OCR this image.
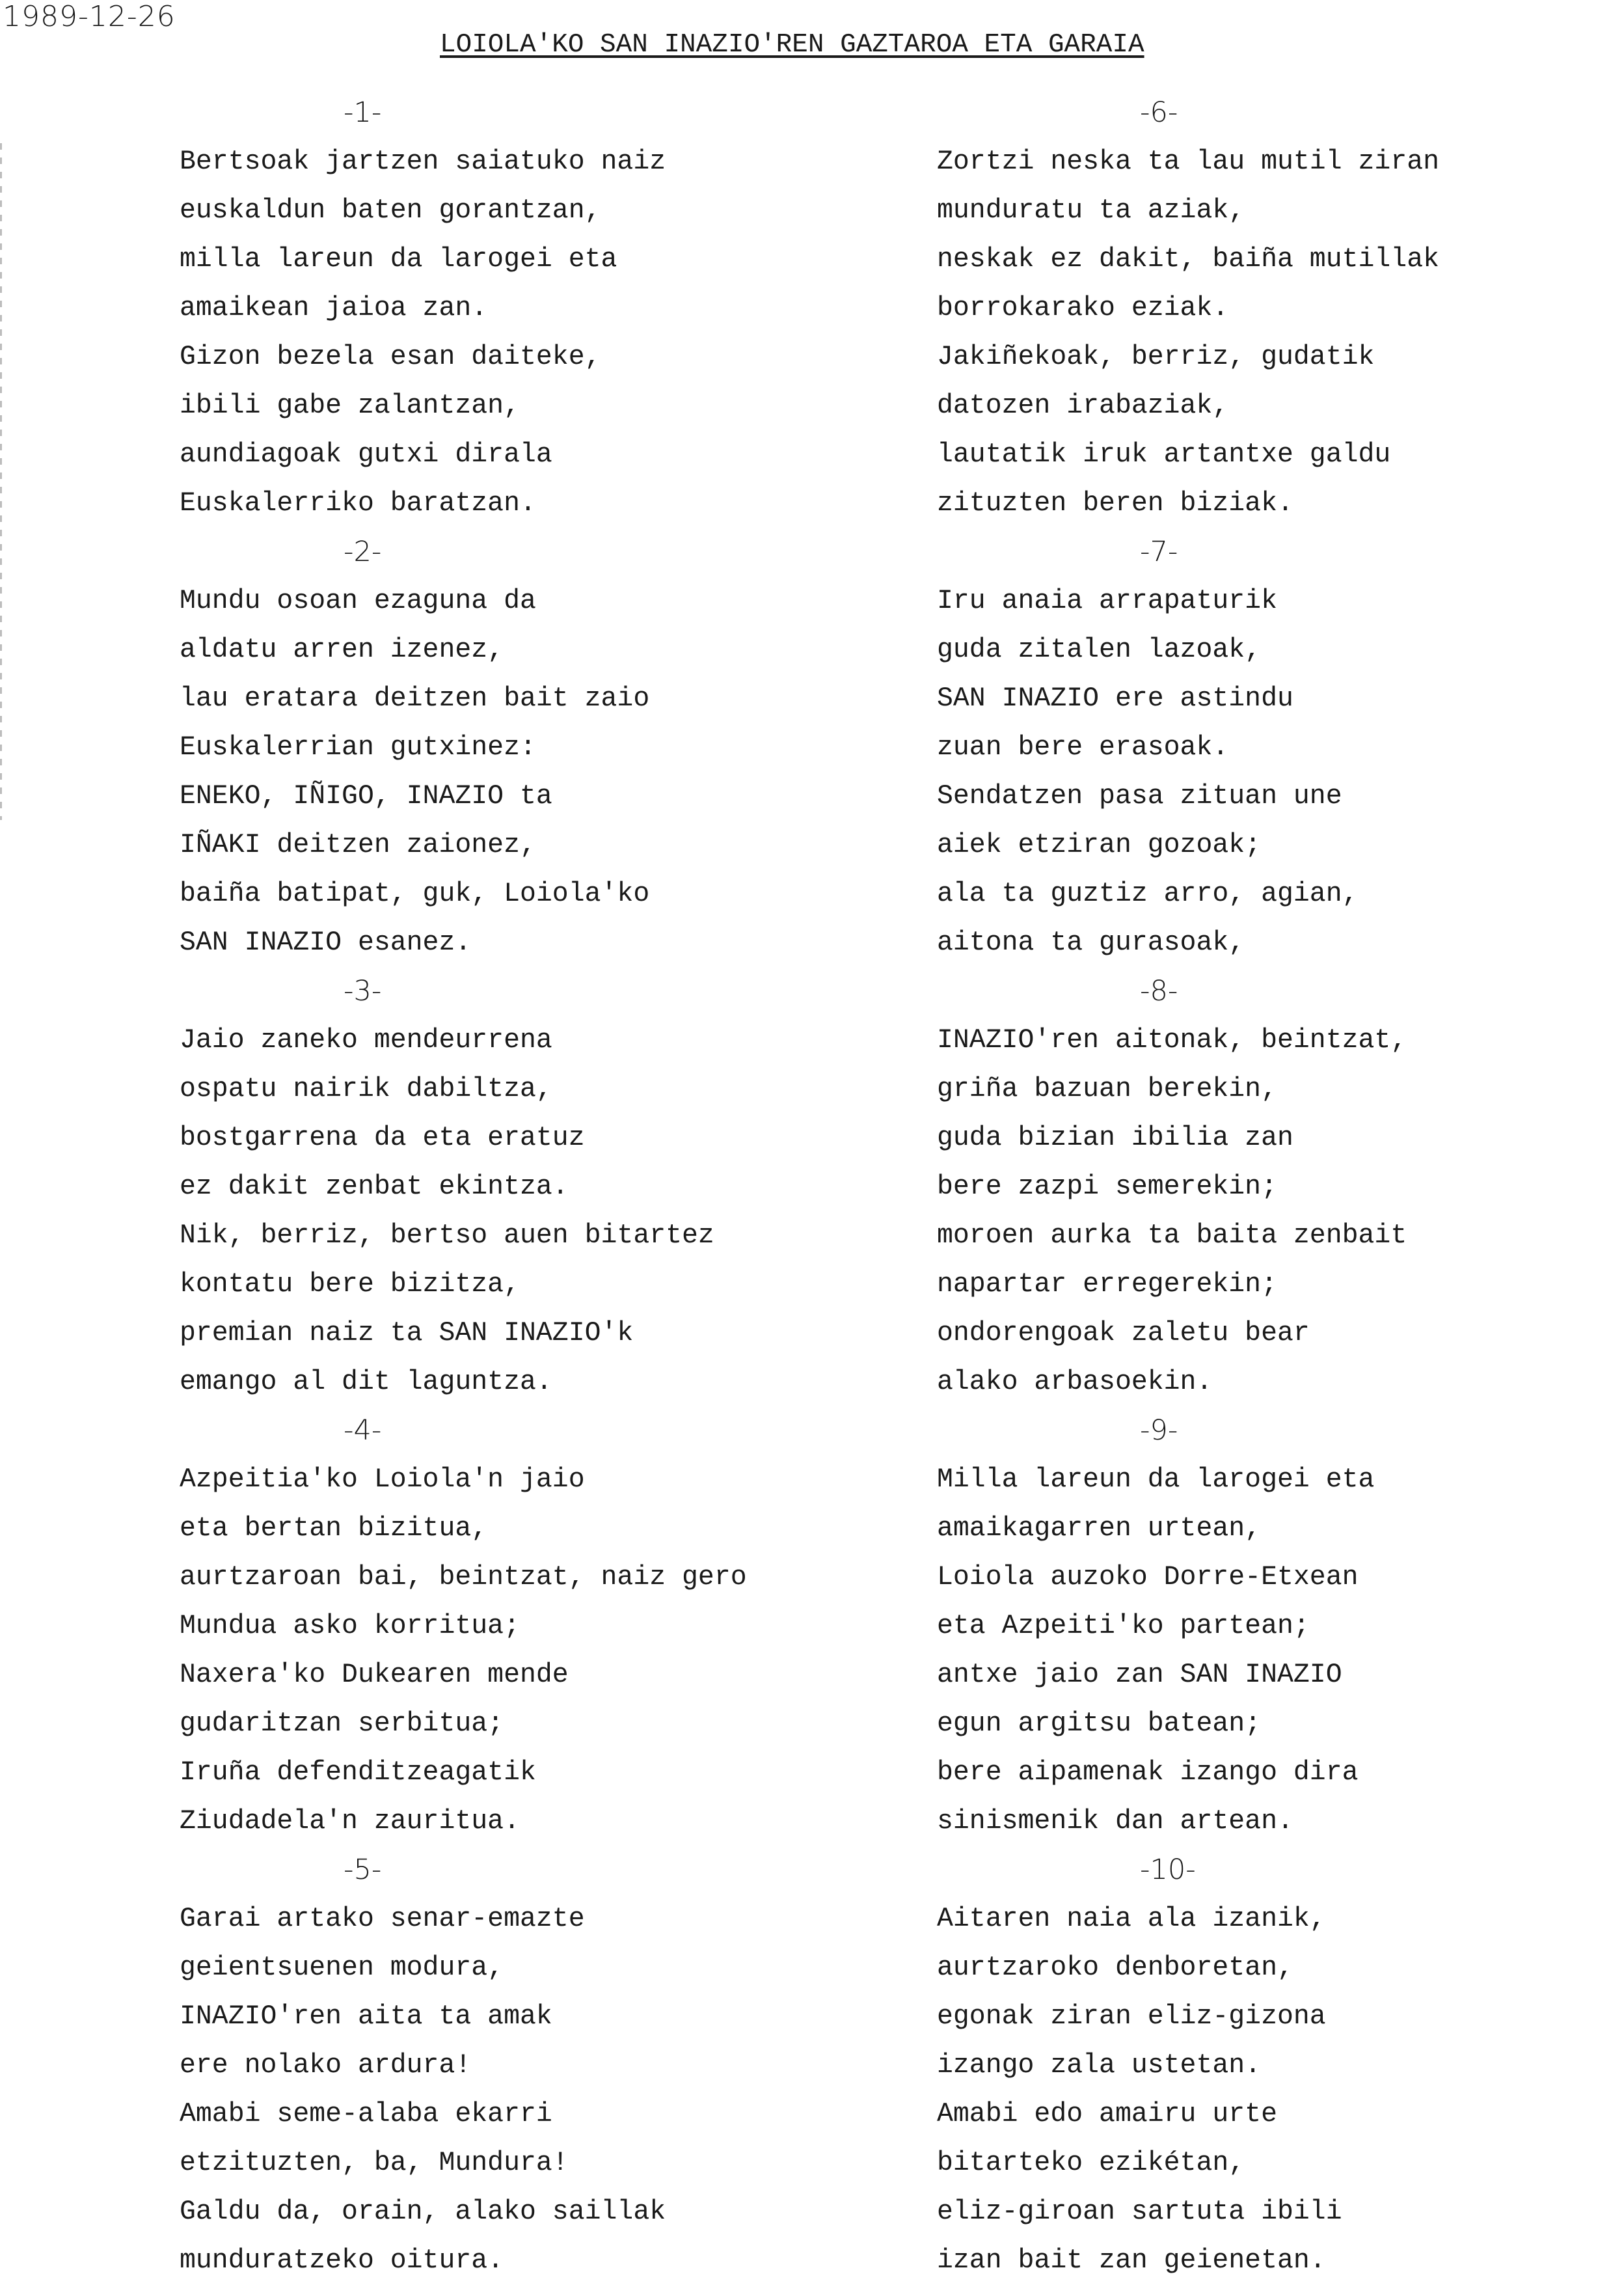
1989-12-26
LOIOLA'KO SAN INAZIO'REN GAZTAROA ETA GARAIA
-1-
Bertsoak jartzen saiatuko naiz
euskaldun baten gorantzan,
milla lareun da larogei eta
amaikean jaioa zan.
Gizon bezela esan daiteke,
ibili gabe zalantzan,
aundiagoak gutxi dirala
Euskalerriko baratzan.
-2-
Mundu osoan ezaguna da
aldatu arren izenez,
lau eratara deitzen bait zaio
Euskalerrian gutxinez:
ENEKO, IÑIGO, INAZIO ta
IÑAKI deitzen zaionez,
baiña batipat, guk, Loiola'ko
SAN INAZIO esanez.
-3-
Jaio zaneko mendeurrena
ospatu nairik dabiltza,
bostgarrena da eta eratuz
ez dakit zenbat ekintza.
Nik, berriz, bertso auen bitartez
kontatu bere bizitza,
premian naiz ta SAN INAZIO'k
emango al dit laguntza.
-4-
Azpeitia'ko Loiola'n jaio
eta bertan bizitua,
aurtzaroan bai, beintzat, naiz gero
Mundua asko korritua;
Naxera'ko Dukearen mende
gudaritzan serbitua;
Iruña defenditzeagatik
Ziudadela'n zauritua.
-5-
Garai artako senar-emazte
geientsuenen modura,
INAZIO'ren aita ta amak
ere nolako ardura!
Amabi seme-alaba ekarri
etzituzten, ba, Mundura!
Galdu da, orain, alako saillak
munduratzeko oitura.
-6-
Zortzi neska ta lau mutil ziran
munduratu ta aziak,
neskak ez dakit, baiña mutillak
borrokarako eziak.
Jakiñekoak, berriz, gudatik
datozen irabaziak,
lautatik iruk artantxe galdu
zituzten beren biziak.
-7-
Iru anaia arrapaturik
guda zitalen lazoak,
SAN INAZIO ere astindu
zuan bere erasoak.
Sendatzen pasa zituan une
aiek etziran gozoak;
ala ta guztiz arro, agian,
aitona ta gurasoak,
-8-
INAZIO'ren aitonak, beintzat,
griña bazuan berekin,
guda bizian ibilia zan
bere zazpi semerekin;
moroen aurka ta baita zenbait
napartar erregerekin;
ondorengoak zaletu bear
alako arbasoekin.
-9-
Milla lareun da larogei eta
amaikagarren urtean,
Loiola auzoko Dorre-Etxean
eta Azpeiti'ko partean;
antxe jaio zan SAN INAZIO
egun argitsu batean;
bere aipamenak izango dira
sinismenik dan artean.
-10-
Aitaren naia ala izanik,
aurtzaroko denboretan,
egonak ziran eliz-gizona
izango zala ustetan.
Amabi edo amairu urte
bitarteko ezikétan,
eliz-giroan sartuta ibili
izan bait zan geienetan.
